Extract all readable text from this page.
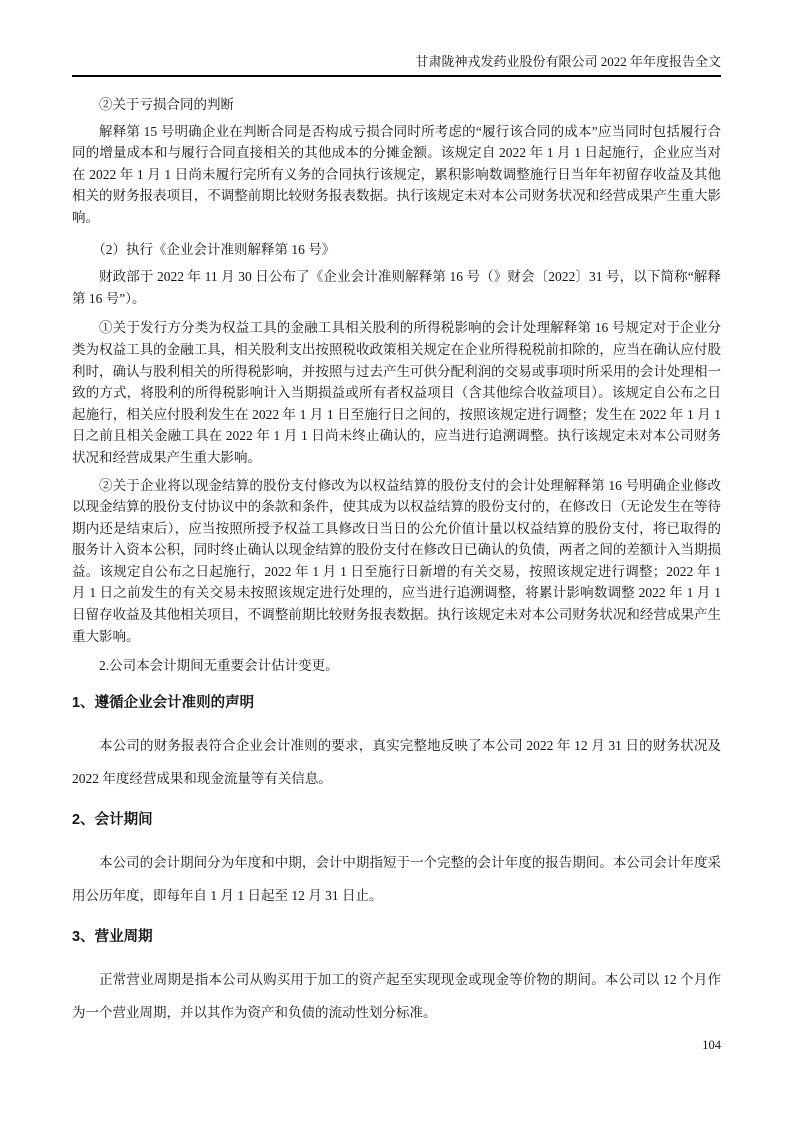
甘肃陇神戎发药业股份有限公司 2022 年年度报告全文
②关于亏损合同的判断
解释第 15 号明确企业在判断合同是否构成亏损合同时所考虑的“履行该合同的成本”应当同时包括履行合同的增量成本和与履行合同直接相关的其他成本的分摊金额。该规定自 2022 年 1 月 1 日起施行，企业应当对在 2022 年 1 月 1 日尚未履行完所有义务的合同执行该规定，累积影响数调整施行日当年年初留存收益及其他相关的财务报表项目，不调整前期比较财务报表数据。执行该规定未对本公司财务状况和经营成果产生重大影响。
（2）执行《企业会计准则解释第 16 号》
财政部于 2022 年 11 月 30 日公布了《企业会计准则解释第 16 号（》财会〔2022〕31 号，以下简称“解释第 16 号”）。
①关于发行方分类为权益工具的金融工具相关股利的所得税影响的会计处理解释第 16 号规定对于企业分类为权益工具的金融工具，相关股利支出按照税收政策相关规定在企业所得税税前扣除的，应当在确认应付股利时，确认与股利相关的所得税影响，并按照与过去产生可供分配利润的交易或事项时所采用的会计处理相一致的方式，将股利的所得税影响计入当期损益或所有者权益项目（含其他综合收益项目）。该规定自公布之日起施行，相关应付股利发生在 2022 年 1 月 1 日至施行日之间的，按照该规定进行调整；发生在 2022 年 1 月 1 日之前且相关金融工具在 2022 年 1 月 1 日尚未终止确认的，应当进行追溯调整。执行该规定未对本公司财务状况和经营成果产生重大影响。
②关于企业将以现金结算的股份支付修改为以权益结算的股份支付的会计处理解释第 16 号明确企业修改以现金结算的股份支付协议中的条款和条件，使其成为以权益结算的股份支付的，在修改日（无论发生在等待期内还是结束后），应当按照所授予权益工具修改日当日的公允价值计量以权益结算的股份支付，将已取得的服务计入资本公积，同时终止确认以现金结算的股份支付在修改日已确认的负债，两者之间的差额计入当期损益。该规定自公布之日起施行，2022 年 1 月 1 日至施行日新增的有关交易，按照该规定进行调整；2022 年 1 月 1 日之前发生的有关交易未按照该规定进行处理的，应当进行追溯调整，将累计影响数调整 2022 年 1 月 1 日留存收益及其他相关项目，不调整前期比较财务报表数据。执行该规定未对本公司财务状况和经营成果产生重大影响。
2.公司本会计期间无重要会计估计变更。
1、遵循企业会计准则的声明
本公司的财务报表符合企业会计准则的要求，真实完整地反映了本公司 2022 年 12 月 31 日的财务状况及 2022 年度经营成果和现金流量等有关信息。
2、会计期间
本公司的会计期间分为年度和中期，会计中期指短于一个完整的会计年度的报告期间。本公司会计年度采用公历年度，即每年自 1 月 1 日起至 12 月 31 日止。
3、营业周期
正常营业周期是指本公司从购买用于加工的资产起至实现现金或现金等价物的期间。本公司以 12 个月作为一个营业周期，并以其作为资产和负债的流动性划分标准。
104
